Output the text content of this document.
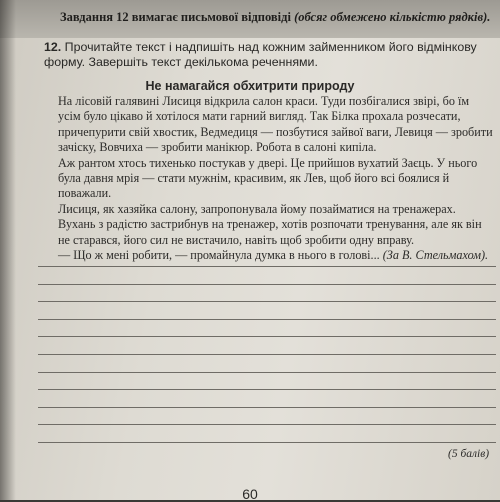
Завдання 12 вимагає письмової відповіді (обсяг обмежено кількістю рядків).
12. Прочитайте текст і надпишіть над кожним займенником його відмінкову форму. Завершіть текст декількома реченнями.
Не намагайся обхитрити природу

На лісовій галявині Лисиця відкрила салон краси. Туди позбігалися звірі, бо їм усім було цікаво й хотілося мати гарний вигляд. Так Білка прохала розчесати, причепурити свій хвостик, Ведмедиця — позбутися зайвої ваги, Левиця — зробити зачіску, Вовчиха — зробити манікюр. Робота в салоні кипіла.

Аж рантом хтось тихенько постукав у двері. Це прийшов вухатий Заєць. У нього була давня мрія — стати мужнім, красивим, як Лев, щоб його всі боялися й поважали.

Лисиця, як хазяйка салону, запропонувала йому позайматися на тренажерах. Вухань з радістю застрибнув на тренажер, хотів розпочати тренування, але як він не старався, його сил не вистачило, навіть щоб зробити одну вправу.

— Що ж мені робити, — промайнула думка в нього в голові... (За В. Стельмахом).

(5 балів)
60
